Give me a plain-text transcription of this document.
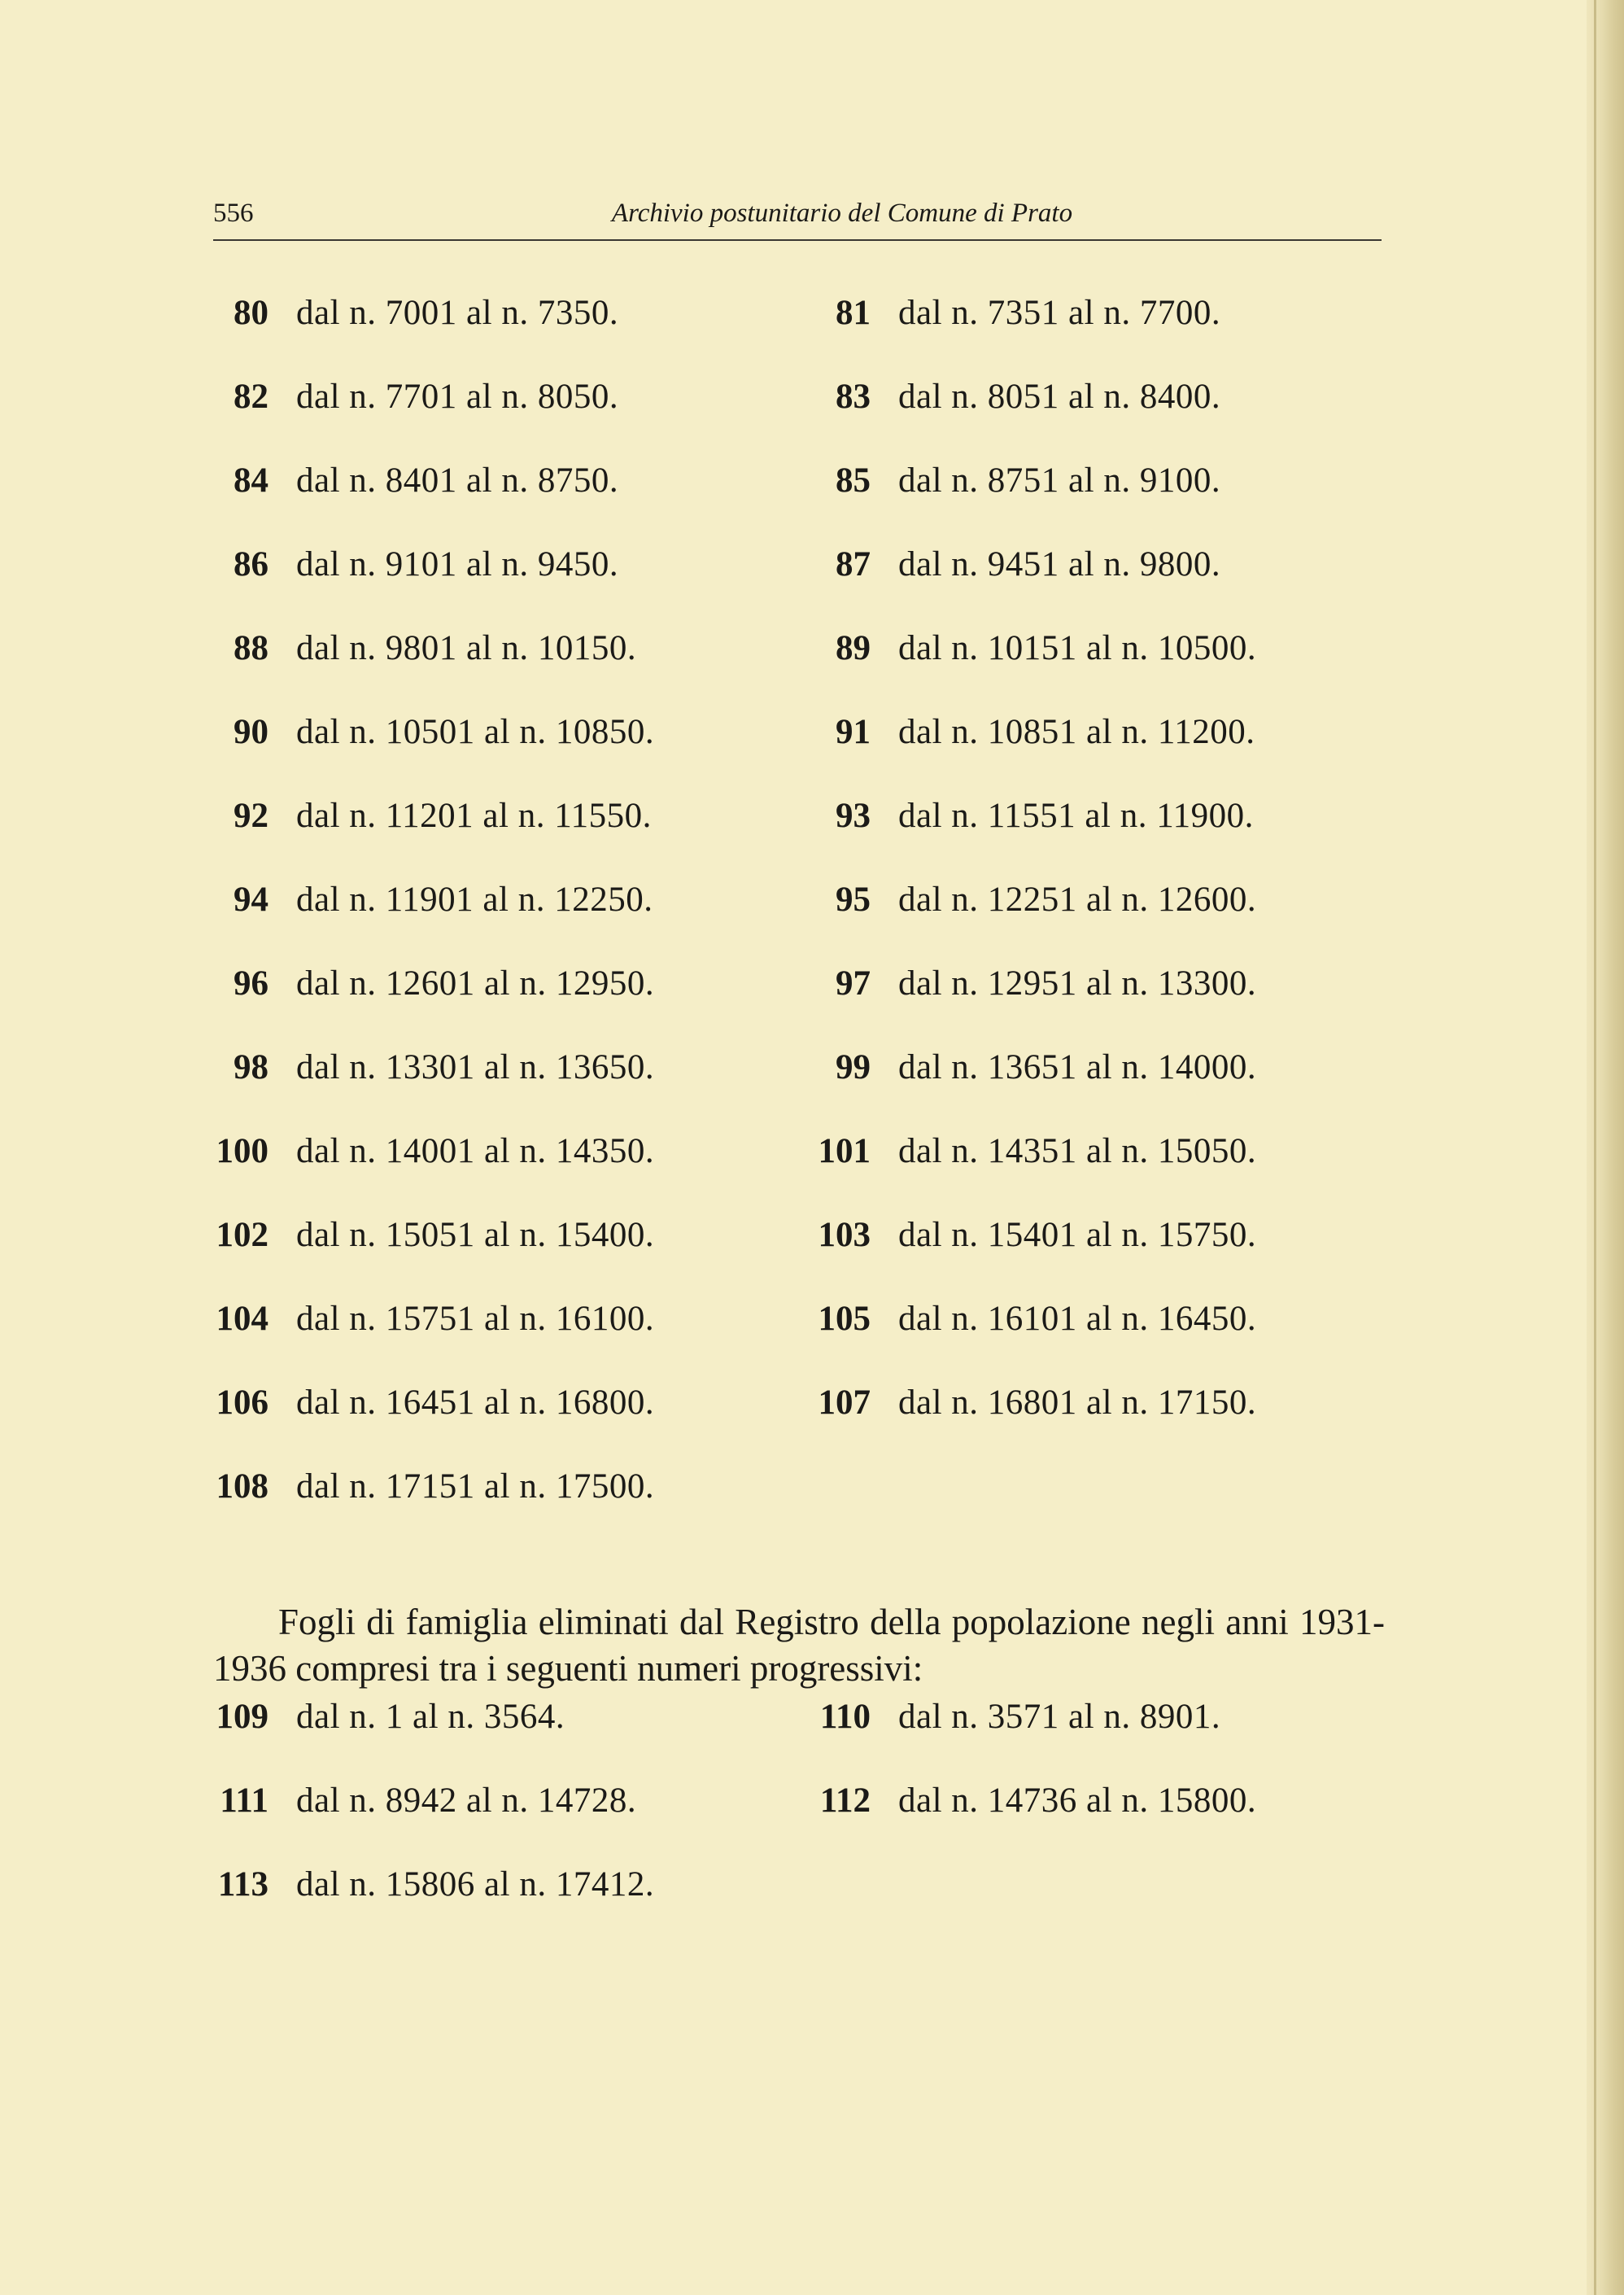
556	Archivio postunitario del Comune di Prato
80 dal n. 7001 al n. 7350.	81 dal n. 7351 al n. 7700.
82 dal n. 7701 al n. 8050.	83 dal n. 8051 al n. 8400.
84 dal n. 8401 al n. 8750.	85 dal n. 8751 al n. 9100.
86 dal n. 9101 al n. 9450.	87 dal n. 9451 al n. 9800.
88 dal n. 9801 al n. 10150.	89 dal n. 10151 al n. 10500.
90 dal n. 10501 al n. 10850.	91 dal n. 10851 al n. 11200.
92 dal n. 11201 al n. 11550.	93 dal n. 11551 al n. 11900.
94 dal n. 11901 al n. 12250.	95 dal n. 12251 al n. 12600.
96 dal n. 12601 al n. 12950.	97 dal n. 12951 al n. 13300.
98 dal n. 13301 al n. 13650.	99 dal n. 13651 al n. 14000.
100 dal n. 14001 al n. 14350.	101 dal n. 14351 al n. 15050.
102 dal n. 15051 al n. 15400.	103 dal n. 15401 al n. 15750.
104 dal n. 15751 al n. 16100.	105 dal n. 16101 al n. 16450.
106 dal n. 16451 al n. 16800.	107 dal n. 16801 al n. 17150.
108 dal n. 17151 al n. 17500.

Fogli di famiglia eliminati dal Registro della popolazione negli anni 1931-1936 compresi tra i seguenti numeri progressivi:

109 dal n. 1 al n. 3564.	110 dal n. 3571 al n. 8901.
111 dal n. 8942 al n. 14728.	112 dal n. 14736 al n. 15800.
113 dal n. 15806 al n. 17412.
